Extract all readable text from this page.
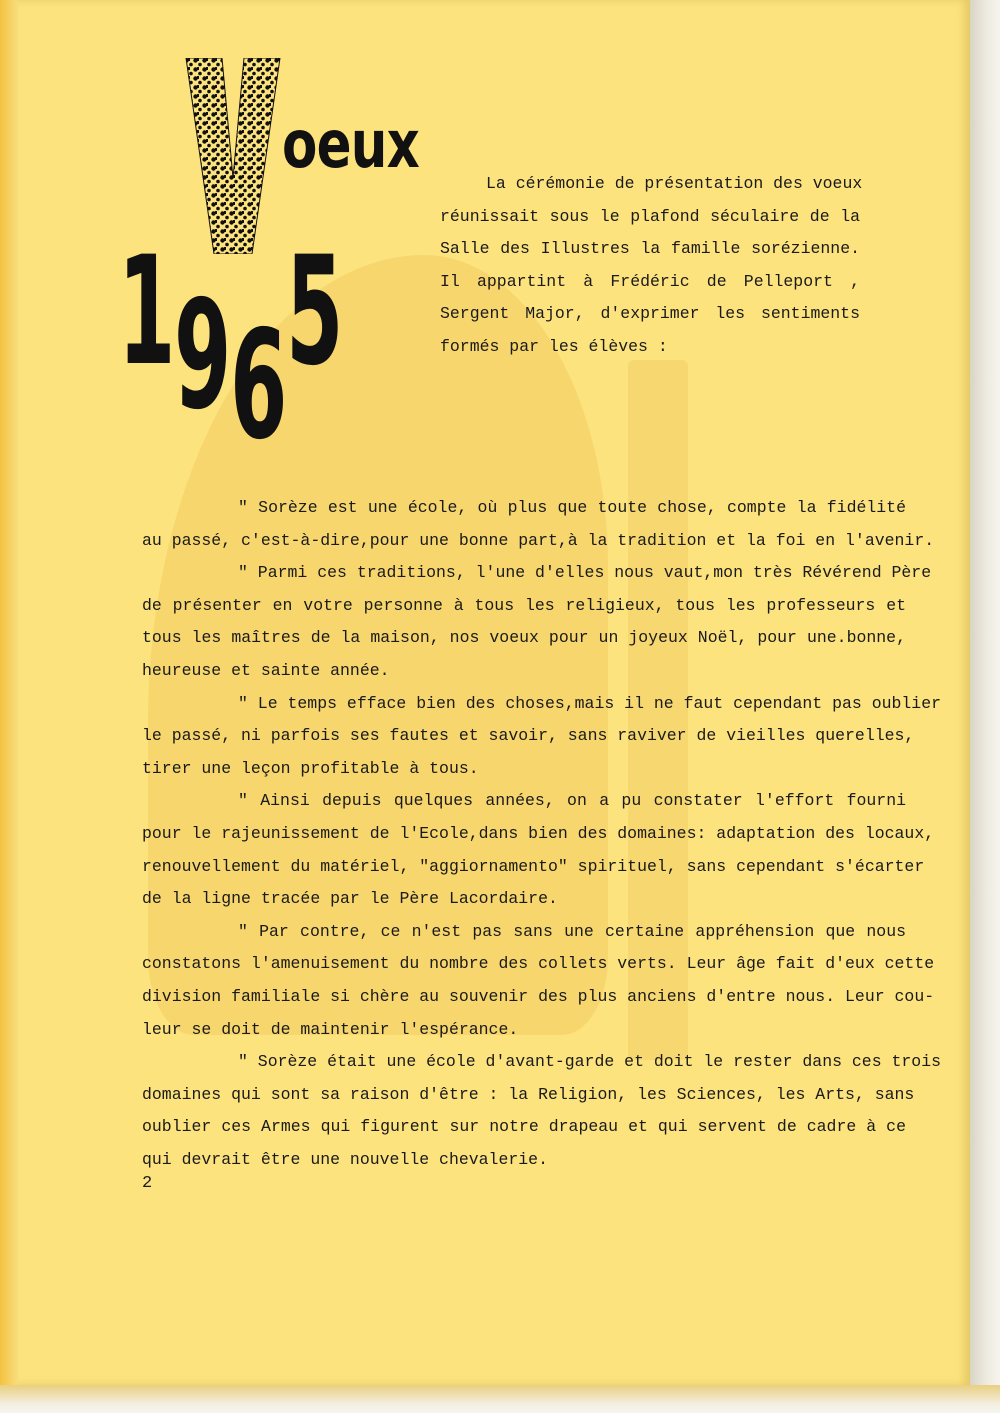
oeux
1
9
6
5
La cérémonie de présentation des voeux
réunissait sous le plafond séculaire de la
Salle des Illustres la famille sorézienne.
Il appartint à Frédéric de Pelleport ,
Sergent Major, d'exprimer les sentiments
formés par les élèves :
" Sorèze est une école, où plus que toute chose, compte la fidélité
au passé, c'est-à-dire,pour une bonne part,à la tradition et la foi en l'avenir.
" Parmi ces traditions, l'une d'elles nous vaut,mon très Révérend Père
de présenter en votre personne à tous les religieux, tous les professeurs et
tous les maîtres de la maison, nos voeux pour un joyeux Noël, pour une.bonne,
heureuse et sainte année.
" Le temps efface bien des choses,mais il ne faut cependant pas oublier
le passé, ni parfois ses fautes et savoir, sans raviver de vieilles querelles,
tirer une leçon profitable à tous.
" Ainsi depuis quelques années, on a pu constater l'effort fourni
pour le rajeunissement de l'Ecole,dans bien des domaines: adaptation des locaux,
renouvellement du matériel, "aggiornamento" spirituel, sans cependant s'écarter
de la ligne tracée par le Père Lacordaire.
" Par contre, ce n'est pas sans une certaine appréhension que nous
constatons l'amenuisement du nombre des collets verts. Leur âge fait d'eux cette
division familiale si chère au souvenir des plus anciens d'entre nous. Leur cou-
leur se doit de maintenir l'espérance.
" Sorèze était une école d'avant-garde et doit le rester dans ces trois
domaines qui sont sa raison d'être : la Religion, les Sciences, les Arts, sans
oublier ces Armes qui figurent sur notre drapeau et qui servent de cadre à ce
qui devrait être une nouvelle chevalerie.
2
